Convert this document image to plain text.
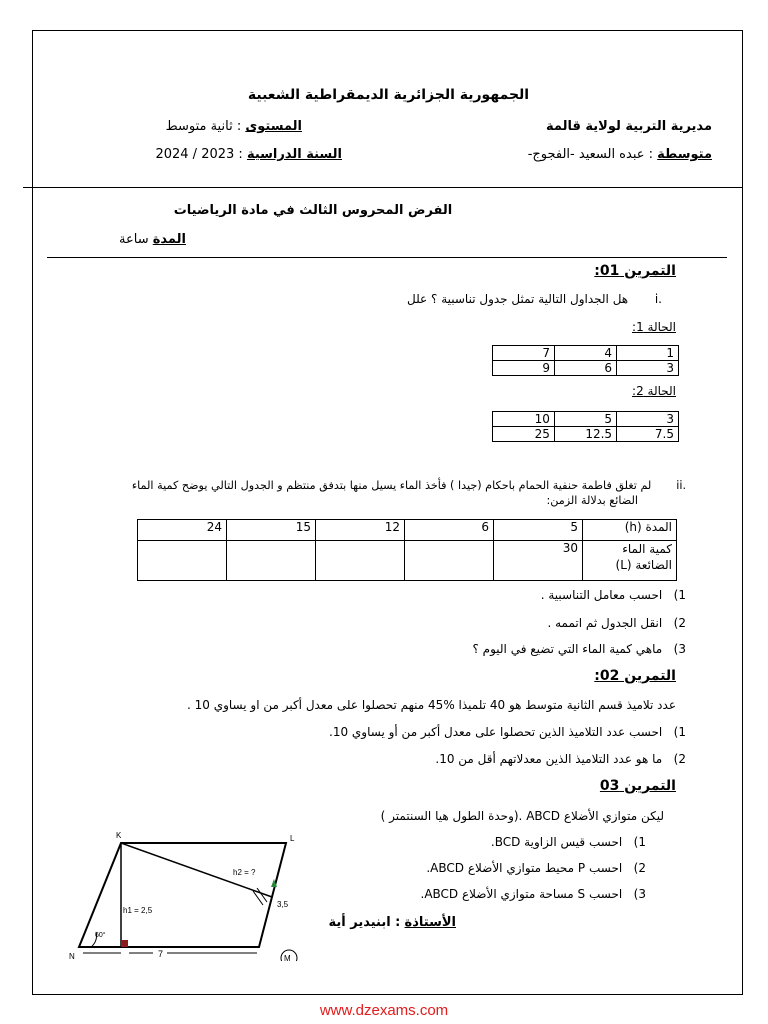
الجمهورية الجزائرية الديمقراطية الشعبية
مديرية التربية لولاية قالمة
المستوى : ثانية متوسط
متوسطة : عبده السعيد -الفجوج-
السنة الدراسية : 2023 / 2024
الفرض المحروس الثالث في مادة الرياضيات
المدة ساعة
التمرين 01:
.i       هل الجداول التالية تمثل جدول تناسبية ؟ علل
الحالة 1:
7	4	1
9	6	3
الحالة 2:
10	5	3
25	12.5	7.5
.ii       لم تغلق فاطمة حنفية الحمام باحكام (جيدا ) فأخذ الماء يسيل منها بتدفق منتظم و الجدول التالي يوضح كمية الماء
الضائع بدلالة الزمن:
24	15	12	6	5	المدة (h)
				30	كمية الماء
الضائعة (L)
1)   احسب معامل التناسبية .
2)   انقل الجدول ثم اتممه .
3)   ماهي كمية الماء التي تضيع في اليوم ؟
التمرين 02:
عدد تلاميذ قسم الثانية متوسط هو 40 تلميذا %45 منهم تحصلوا على معدل أكبر من او يساوي 10 .
1)   احسب عدد التلاميذ الذين تحصلوا على معدل أكبر من أو يساوي 10.
2)   ما هو عدد التلاميذ الذين معدلاتهم أقل من 10.
التمرين 03
ليكن متوازي الأضلاع ABCD .(وحدة الطول هيا السنتمتر )
1)   احسب قيس الزاوية BCD.
2)   احسب P محيط متوازي الأضلاع ABCD.
3)   احسب S مساحة متوازي الأضلاع ABCD.
الأستاذة : ابنيدير أية
K	L
N	M
h1 = 2,5
h2 = ?
3,5
7
60°
www.dzexams.com
